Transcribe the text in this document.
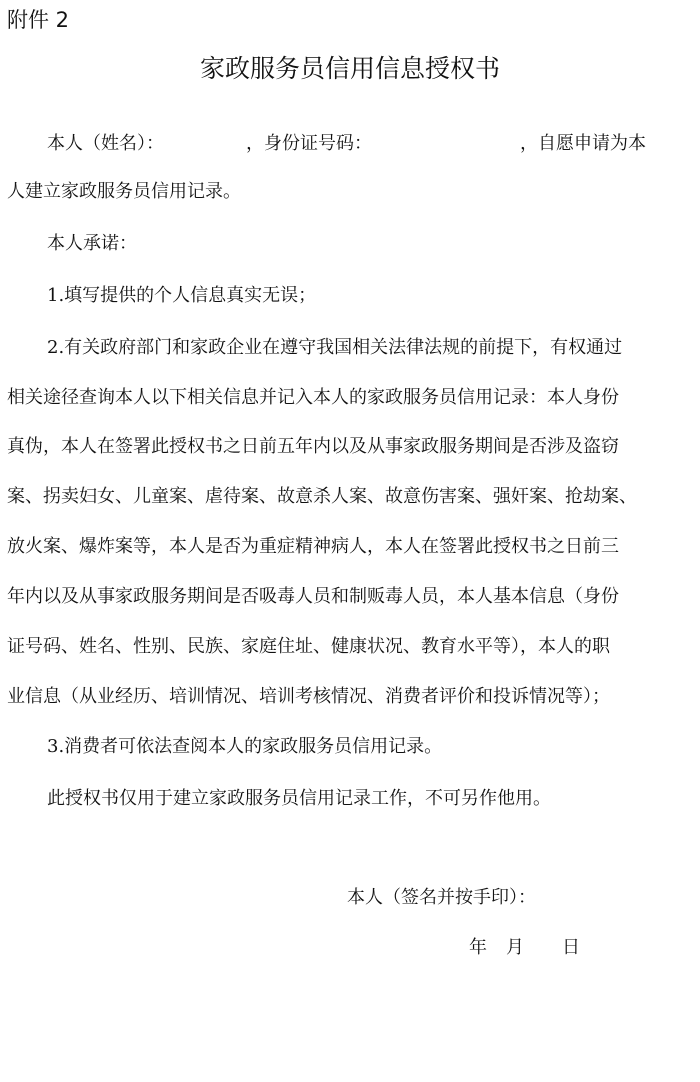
附件 2
家政服务员信用信息授权书
本人（姓名）：	，身份证号码：	，自愿申请为本
人建立家政服务员信用记录。
本人承诺：
1.填写提供的个人信息真实无误；
2.有关政府部门和家政企业在遵守我国相关法律法规的前提下，有权通过
相关途径查询本人以下相关信息并记入本人的家政服务员信用记录：本人身份
真伪，本人在签署此授权书之日前五年内以及从事家政服务期间是否涉及盗窃
案、拐卖妇女、儿童案、虐待案、故意杀人案、故意伤害案、强奸案、抢劫案、
放火案、爆炸案等，本人是否为重症精神病人，本人在签署此授权书之日前三
年内以及从事家政服务期间是否吸毒人员和制贩毒人员，本人基本信息（身份
证号码、姓名、性别、民族、家庭住址、健康状况、教育水平等），本人的职
业信息（从业经历、培训情况、培训考核情况、消费者评价和投诉情况等）；
3.消费者可依法查阅本人的家政服务员信用记录。
此授权书仅用于建立家政服务员信用记录工作，不可另作他用。
本人（签名并按手印）：
年 月 日
